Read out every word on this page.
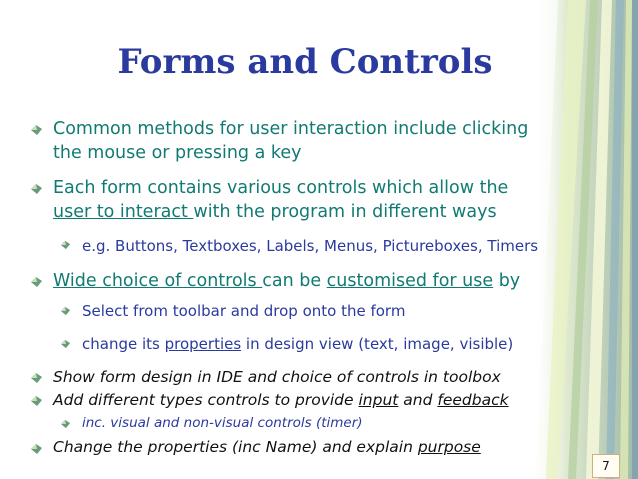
Forms and Controls
Common methods for user interaction include clicking
the mouse or pressing a key
Each form contains various controls which allow the
user to interact with the program in different ways
e.g. Buttons, Textboxes, Labels, Menus, Pictureboxes, Timers
Wide choice of controls can be customised for use by
Select from toolbar and drop onto the form
change its properties in design view (text, image, visible)
Show form design in IDE and choice of controls in toolbox
Add different types controls to provide input and feedback
inc. visual and non-visual controls (timer)
Change the properties (inc Name) and explain purpose
7
